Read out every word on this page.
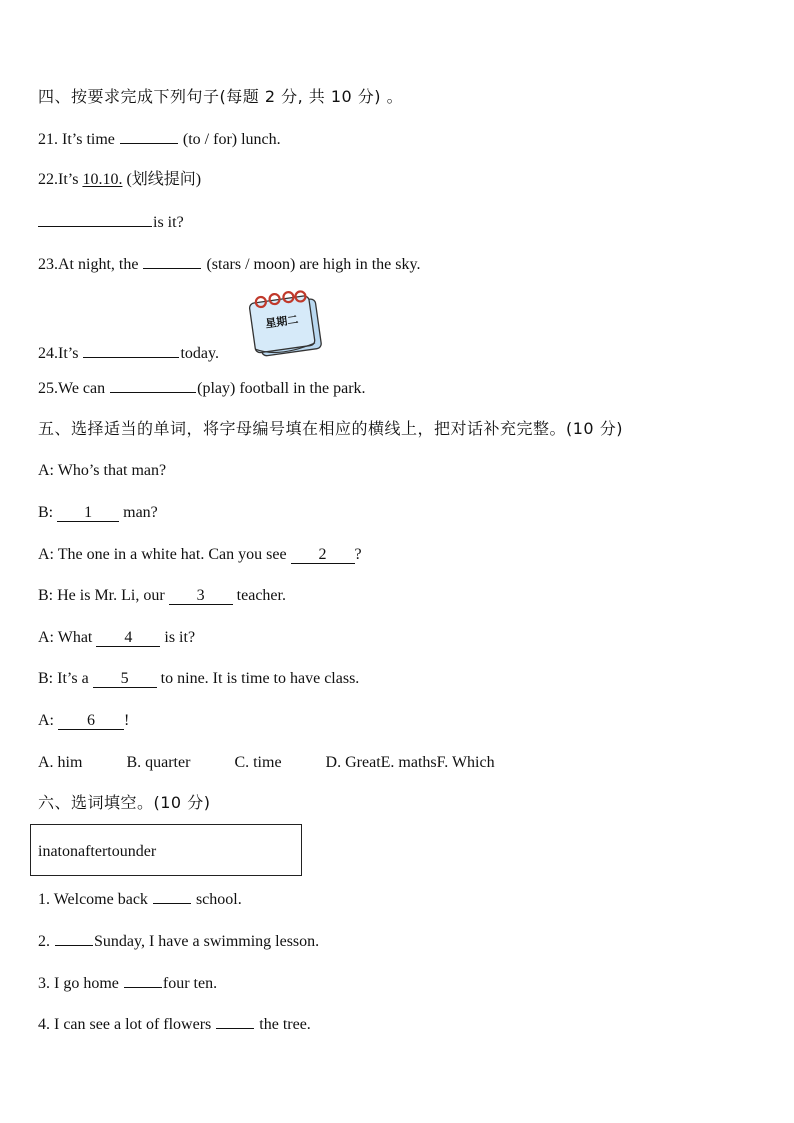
四、按要求完成下列句子(每题 2 分, 共 10 分) 。
21. It’s time	(to / for) lunch.
22.It’s 10.10. (划线提问)
is it?
23.At night, the	(stars / moon) are high in the sky.
星期二
24.It’s	today.
25.We can	(play) football in the park.
五、选择适当的单词，将字母编号填在相应的横线上，把对话补充完整。(10 分)
A: Who’s that man?
B: 1 man?
A: The one in a white hat. Can you see 2 ?
B: He is Mr. Li, our 3 teacher.
A: What 4 is it?
B: It’s a 5 to nine. It is time to have class.
A: 6 !
A. him	B. quarter	C. time	D. GreatE. mathsF. Which
六、选词填空。(10 分)
inatonaftertounder
1. Welcome back	school.
2.	Sunday, I have a swimming lesson.
3. I go home	four ten.
4. I can see a lot of flowers	the tree.
